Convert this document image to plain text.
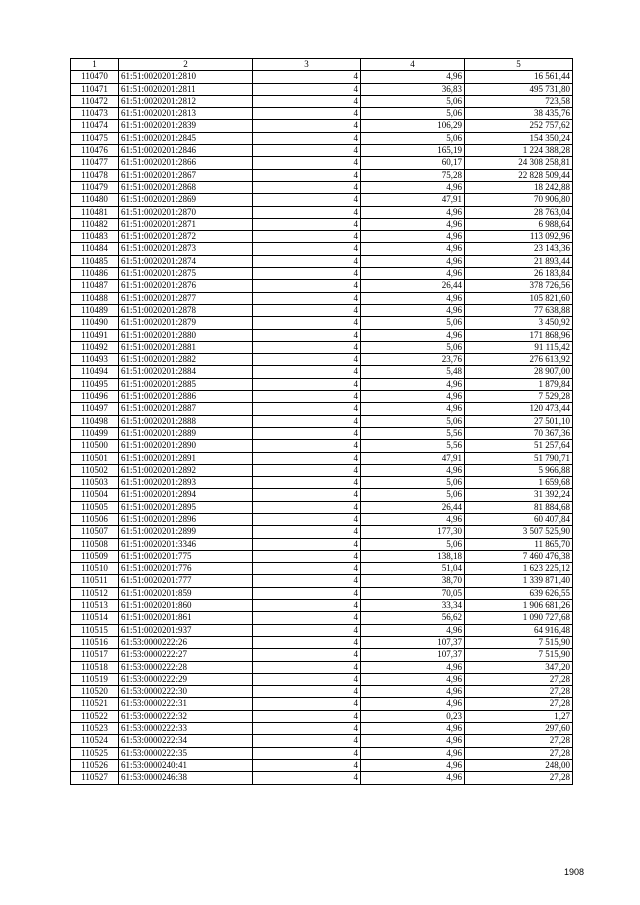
1	2	3	4	5
110470	61:51:0020201:2810	4	4,96	16 561,44
110471	61:51:0020201:2811	4	36,83	495 731,80
110472	61:51:0020201:2812	4	5,06	723,58
110473	61:51:0020201:2813	4	5,06	38 435,76
110474	61:51:0020201:2839	4	106,29	252 757,62
110475	61:51:0020201:2845	4	5,06	154 350,24
110476	61:51:0020201:2846	4	165,19	1 224 388,28
110477	61:51:0020201:2866	4	60,17	24 308 258,81
110478	61:51:0020201:2867	4	75,28	22 828 509,44
110479	61:51:0020201:2868	4	4,96	18 242,88
110480	61:51:0020201:2869	4	47,91	70 906,80
110481	61:51:0020201:2870	4	4,96	28 763,04
110482	61:51:0020201:2871	4	4,96	6 988,64
110483	61:51:0020201:2872	4	4,96	113 092,96
110484	61:51:0020201:2873	4	4,96	23 143,36
110485	61:51:0020201:2874	4	4,96	21 893,44
110486	61:51:0020201:2875	4	4,96	26 183,84
110487	61:51:0020201:2876	4	26,44	378 726,56
110488	61:51:0020201:2877	4	4,96	105 821,60
110489	61:51:0020201:2878	4	4,96	77 638,88
110490	61:51:0020201:2879	4	5,06	3 450,92
110491	61:51:0020201:2880	4	4,96	171 868,96
110492	61:51:0020201:2881	4	5,06	91 115,42
110493	61:51:0020201:2882	4	23,76	276 613,92
110494	61:51:0020201:2884	4	5,48	28 907,00
110495	61:51:0020201:2885	4	4,96	1 879,84
110496	61:51:0020201:2886	4	4,96	7 529,28
110497	61:51:0020201:2887	4	4,96	120 473,44
110498	61:51:0020201:2888	4	5,06	27 501,10
110499	61:51:0020201:2889	4	5,56	70 367,36
110500	61:51:0020201:2890	4	5,56	51 257,64
110501	61:51:0020201:2891	4	47,91	51 790,71
110502	61:51:0020201:2892	4	4,96	5 966,88
110503	61:51:0020201:2893	4	5,06	1 659,68
110504	61:51:0020201:2894	4	5,06	31 392,24
110505	61:51:0020201:2895	4	26,44	81 884,68
110506	61:51:0020201:2896	4	4,96	60 407,84
110507	61:51:0020201:2899	4	177,30	3 507 525,90
110508	61:51:0020201:3346	4	5,06	11 865,70
110509	61:51:0020201:775	4	138,18	7 460 476,38
110510	61:51:0020201:776	4	51,04	1 623 225,12
110511	61:51:0020201:777	4	38,70	1 339 871,40
110512	61:51:0020201:859	4	70,05	639 626,55
110513	61:51:0020201:860	4	33,34	1 906 681,26
110514	61:51:0020201:861	4	56,62	1 090 727,68
110515	61:51:0020201:937	4	4,96	64 916,48
110516	61:53:0000222:26	4	107,37	7 515,90
110517	61:53:0000222:27	4	107,37	7 515,90
110518	61:53:0000222:28	4	4,96	347,20
110519	61:53:0000222:29	4	4,96	27,28
110520	61:53:0000222:30	4	4,96	27,28
110521	61:53:0000222:31	4	4,96	27,28
110522	61:53:0000222:32	4	0,23	1,27
110523	61:53:0000222:33	4	4,96	297,60
110524	61:53:0000222:34	4	4,96	27,28
110525	61:53:0000222:35	4	4,96	27,28
110526	61:53:0000240:41	4	4,96	248,00
110527	61:53:0000246:38	4	4,96	27,28
1908
